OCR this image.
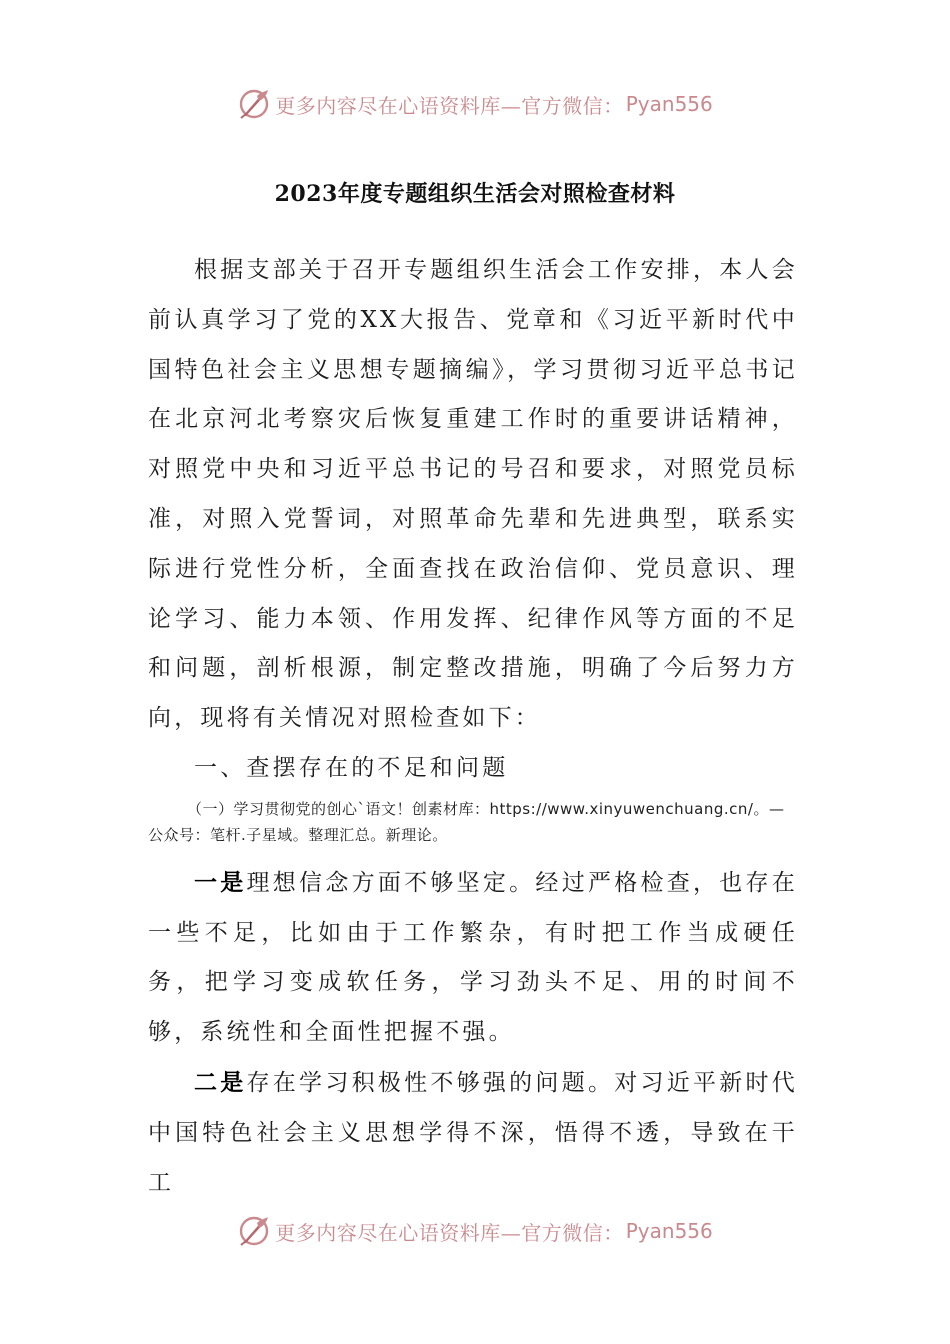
更多内容尽在心语资料库—官方微信： Pyan556
2023年度专题组织生活会对照检查材料

根据支部关于召开专题组织生活会工作安排，本人会前认真学习了党的XX大报告、党章和《习近平新时代中国特色社会主义思想专题摘编》，学习贯彻习近平总书记在北京河北考察灾后恢复重建工作时的重要讲话精神，对照党中央和习近平总书记的号召和要求，对照党员标准，对照入党誓词，对照革命先辈和先进典型，联系实际进行党性分析，全面查找在政治信仰、党员意识、理论学习、能力本领、作用发挥、纪律作风等方面的不足和问题，剖析根源，制定整改措施，明确了今后努力方向，现将有关情况对照检查如下：

一、查摆存在的不足和问题

（一）学习贯彻党的创心`语文！创素材库：https://www.xinyuwenchuang.cn/。—公众号：笔杆.子星域。整理汇总。新理论。

一是理想信念方面不够坚定。经过严格检查，也存在一些不足，比如由于工作繁杂，有时把工作当成硬任务，把学习变成软任务，学习劲头不足、用的时间不够，系统性和全面性把握不强。

二是存在学习积极性不够强的问题。对习近平新时代中国特色社会主义思想学得不深，悟得不透，导致在干工

更多内容尽在心语资料库—官方微信： Pyan556
